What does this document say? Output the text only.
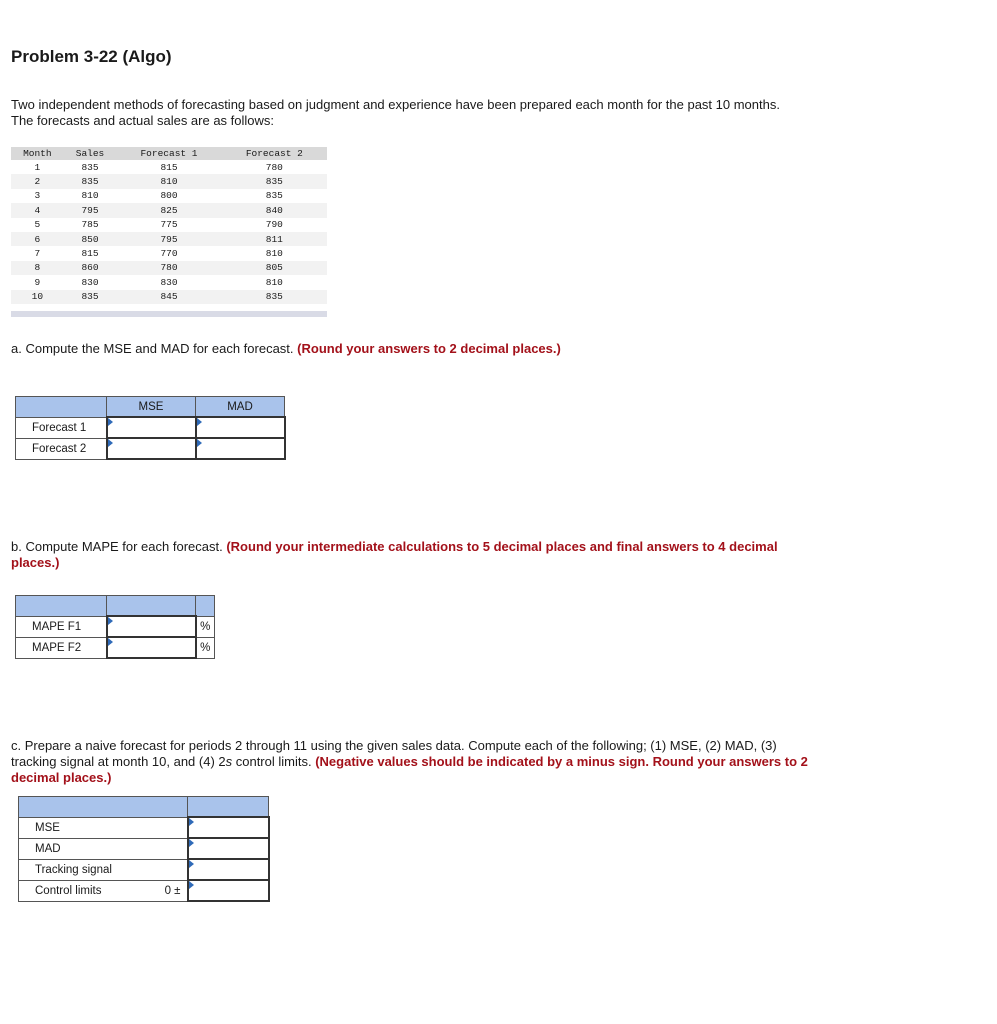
Problem 3-22 (Algo)
Two independent methods of forecasting based on judgment and experience have been prepared each month for the past 10 months.
The forecasts and actual sales are as follows:
Month	Sales	Forecast 1	Forecast 2
1	835	815	780
2	835	810	835
3	810	800	835
4	795	825	840
5	785	775	790
6	850	795	811
7	815	770	810
8	860	780	805
9	830	830	810
10	835	845	835
a. Compute the MSE and MAD for each forecast. (Round your answers to 2 decimal places.)
	MSE	MAD
Forecast 1		
Forecast 2		
b. Compute MAPE for each forecast. (Round your intermediate calculations to 5 decimal places and final answers to 4 decimal
places.)

MAPE F1		%
MAPE F2		%
c. Prepare a naive forecast for periods 2 through 11 using the given sales data. Compute each of the following; (1) MSE, (2) MAD, (3)
tracking signal at month 10, and (4) 2s control limits. (Negative values should be indicated by a minus sign. Round your answers to 2
decimal places.)

MSE	
MAD	
Tracking signal	
Control limits 0 ±
